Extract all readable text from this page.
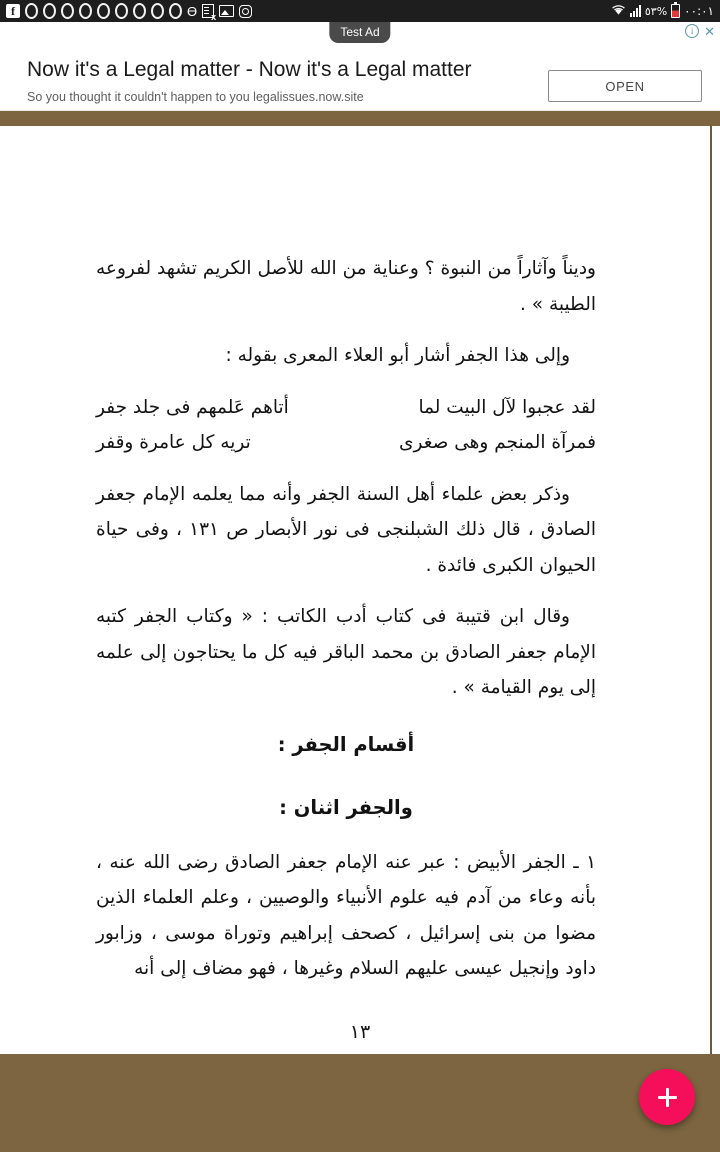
f	Ө x	٥٣% ٠٠:٠١
Test Ad	i ✕
Now it's a Legal matter - Now it's a Legal matter
So you thought it couldn't happen to you legalissues.now.site
OPEN

وديناً وآثاراً من النبوة ؟ وعناية من الله للأصل الكريم تشهد لفروعه الطيبة » .

وإلى هذا الجفر أشار أبو العلاء المعرى بقوله :

لقد عجبوا لآل البيت لما
أتاهم عَلمهم فى جلد جفر

فمرآة المنجم وهى صغرى
تريه كل عامرة وقفر

وذكر بعض علماء أهل السنة الجفر وأنه مما يعلمه الإمام جعفر الصادق ، قال ذلك الشبلنجى فى نور الأبصار ص ١٣١ ، وفى حياة الحيوان الكبرى فائدة .

وقال ابن قتيبة فى كتاب أدب الكاتب : « وكتاب الجفر كتبه الإمام جعفر الصادق بن محمد الباقر فيه كل ما يحتاجون إلى علمه إلى يوم القيامة » .

أقسام الجفر :

والجفر اثنان :

١ ـ الجفر الأبيض : عبر عنه الإمام جعفر الصادق رضى الله عنه ، بأنه وعاء من آدم فيه علوم الأنبياء والوصيين ، وعلم العلماء الذين مضوا من بنى إسرائيل ، كصحف إبراهيم وتوراة موسى ، وزابور داود وإنجيل عيسى عليهم السلام وغيرها ، فهو مضاف إلى أنه

١٣
